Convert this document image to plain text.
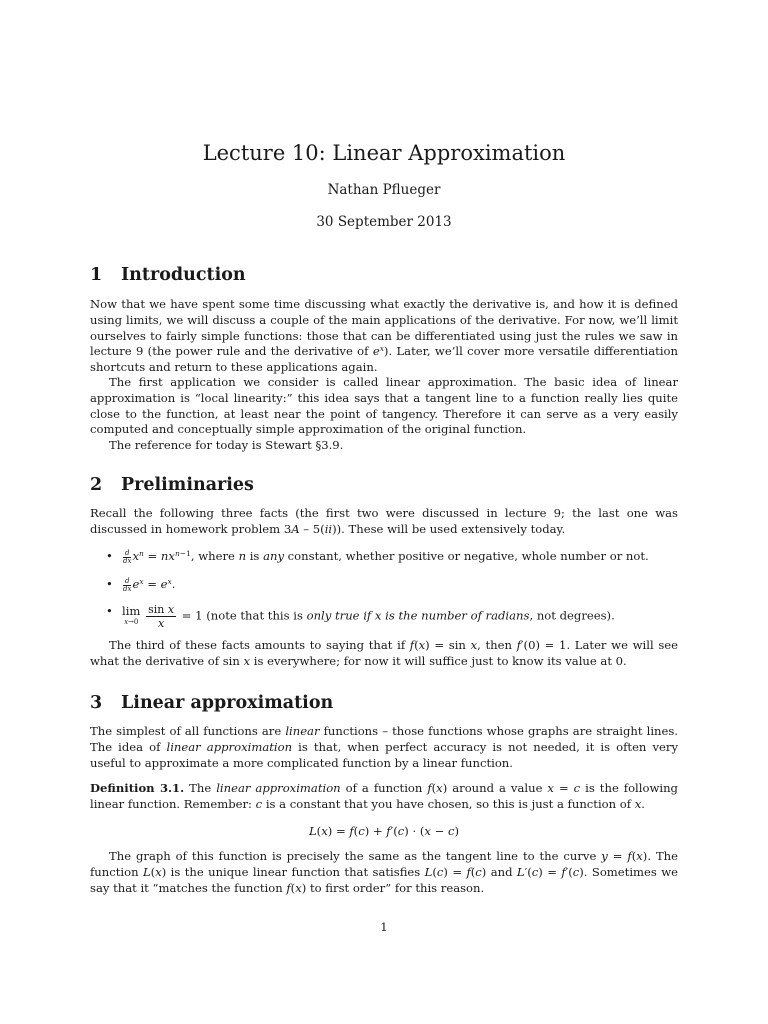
Lecture 10: Linear Approximation
Nathan Pflueger
30 September 2013
1 Introduction

Now that we have spent some time discussing what exactly the derivative is, and how it is defined using limits, we will discuss a couple of the main applications of the derivative. For now, we’ll limit ourselves to fairly simple functions: those that can be differentiated using just the rules we saw in lecture 9 (the power rule and the derivative of $e^x$). Later, we’ll cover more versatile differentiation shortcuts and return to these applications again.

The first application we consider is called linear approximation. The basic idea of linear approximation is “local linearity:” this idea says that a tangent line to a function really lies quite close to the function, at least near the point of tangency. Therefore it can serve as a very easily computed and conceptually simple approximation of the original function.

The reference for today is Stewart §3.9.

2 Preliminaries

Recall the following three facts (the first two were discussed in lecture 9; the last one was discussed in homework problem 3A – 5(ii)). These will be used extensively today.

• $\frac{d}{dx} x^n = nx^{n-1}$, where n is any constant, whether positive or negative, whole number or not.
• $\frac{d}{dx} e^x = e^x$.
• lim
x→0
$\frac{\text{sin x}}{x} = 1$ (note that this is only true if x is the number of radians, not degrees).

The third of these facts amounts to saying that if f(x) = sin x, then f′(0) = 1. Later we will see what the derivative of sin x is everywhere; for now it will suffice just to know its value at 0.

3 Linear approximation

The simplest of all functions are linear functions – those functions whose graphs are straight lines. The idea of linear approximation is that, when perfect accuracy is not needed, it is often very useful to approximate a more complicated function by a linear function.

Definition 3.1. The linear approximation of a function f(x) around a value x = c is the following linear function. Remember: c is a constant that you have chosen, so this is just a function of x.

L(x) = f(c) + f′(c) · (x − c)

The graph of this function is precisely the same as the tangent line to the curve y = f(x). The function L(x) is the unique linear function that satisfies L(c) = f(c) and L′(c) = f′(c). Sometimes we say that it “matches the function f(x) to first order” for this reason.

1
